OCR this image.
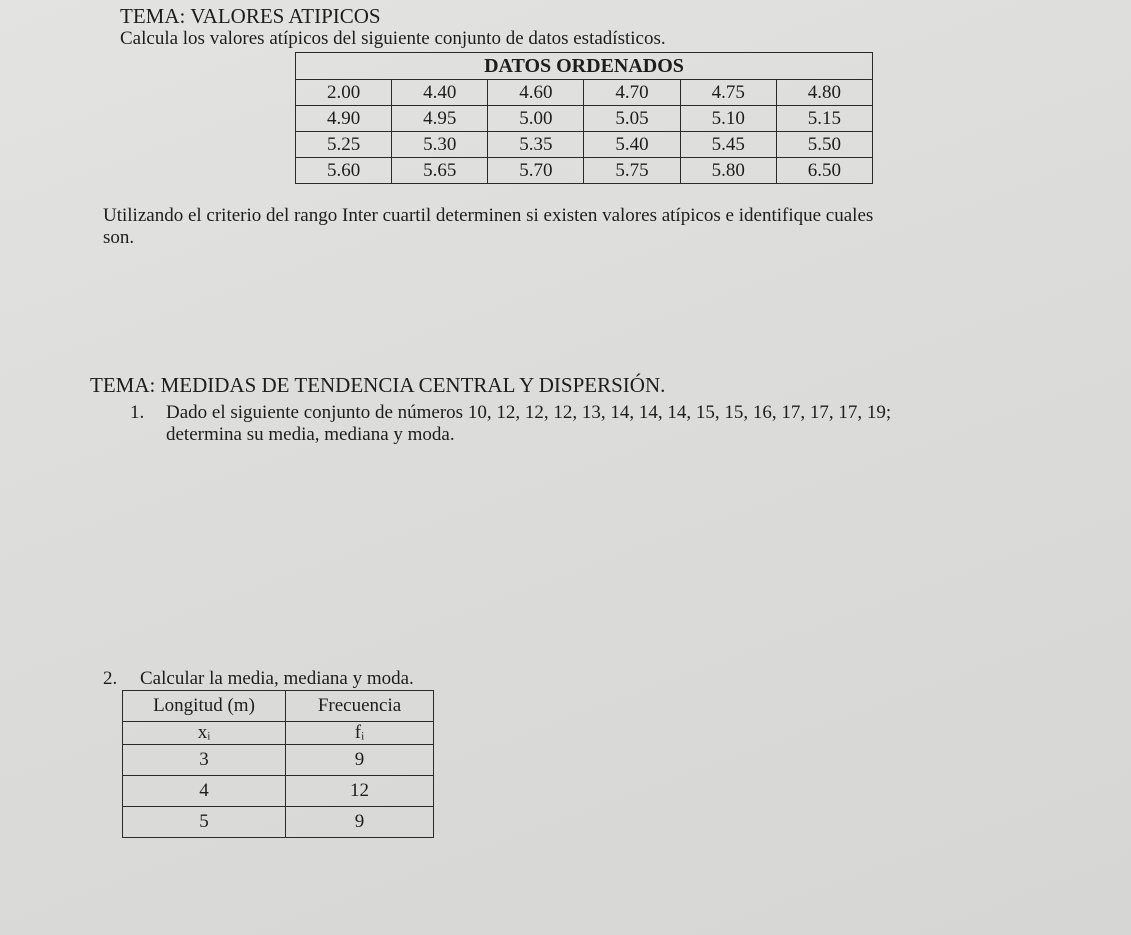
TEMA: VALORES ATIPICOS
Calcula los valores atípicos del siguiente conjunto de datos estadísticos.
DATOS ORDENADOS					
2.00	4.40	4.60	4.70	4.75	4.80
4.90	4.95	5.00	5.05	5.10	5.15
5.25	5.30	5.35	5.40	5.45	5.50
5.60	5.65	5.70	5.75	5.80	6.50
Utilizando el criterio del rango Inter cuartil determinen si existen valores atípicos e identifique cuales
son.
TEMA: MEDIDAS DE TENDENCIA CENTRAL Y DISPERSIÓN.
1. Dado el siguiente conjunto de números 10, 12, 12, 12, 13, 14, 14, 14, 15, 15, 16, 17, 17, 17, 19;
determina su media, mediana y moda.
2. Calcular la media, mediana y moda.
Longitud (m)	Frecuencia
xᵢ	fᵢ
3	9
4	12
5	9
